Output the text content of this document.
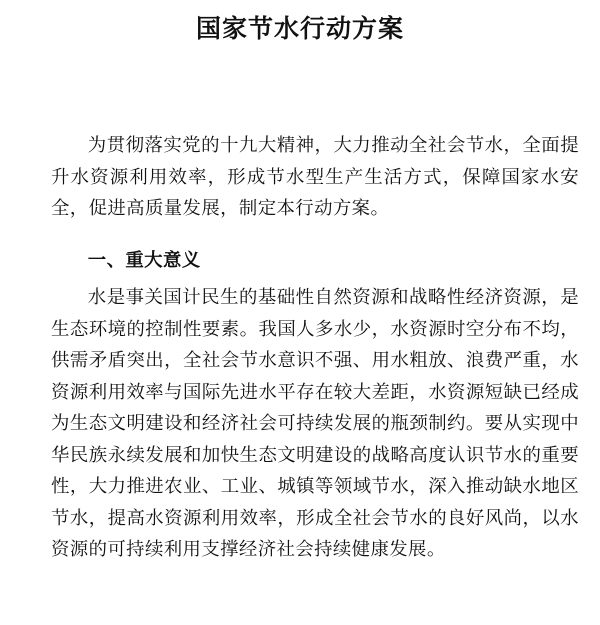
国家节水行动方案

为贯彻落实党的十九大精神，大力推动全社会节水，全面提升水资源利用效率，形成节水型生产生活方式，保障国家水安全，促进高质量发展，制定本行动方案。

一、重大意义

水是事关国计民生的基础性自然资源和战略性经济资源，是生态环境的控制性要素。我国人多水少，水资源时空分布不均，供需矛盾突出，全社会节水意识不强、用水粗放、浪费严重，水资源利用效率与国际先进水平存在较大差距，水资源短缺已经成为生态文明建设和经济社会可持续发展的瓶颈制约。要从实现中华民族永续发展和加快生态文明建设的战略高度认识节水的重要性，大力推进农业、工业、城镇等领域节水，深入推动缺水地区节水，提高水资源利用效率，形成全社会节水的良好风尚，以水资源的可持续利用支撑经济社会持续健康发展。
